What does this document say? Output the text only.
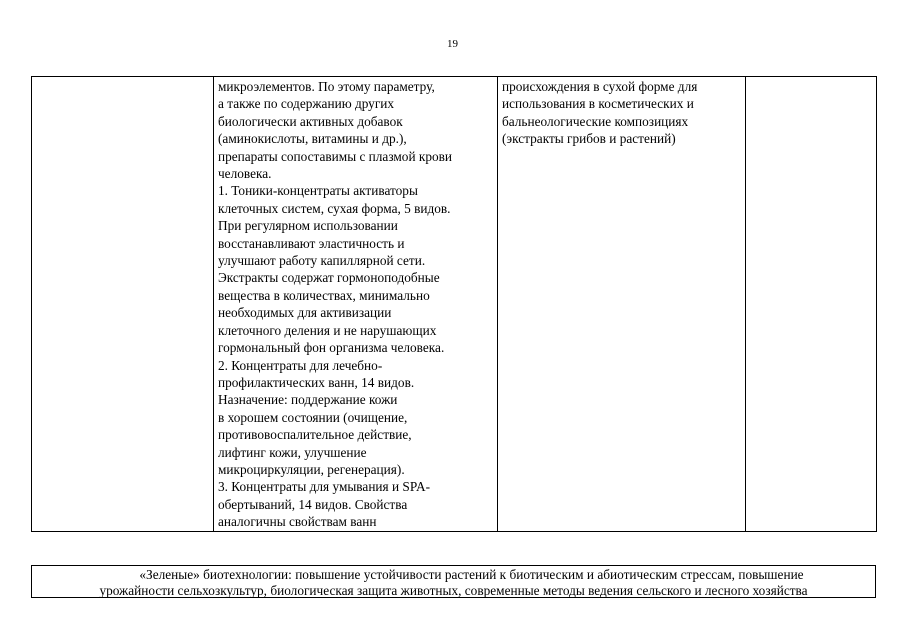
19

микроэлементов. По этому параметру,
а также по содержанию других
биологически активных добавок
(аминокислоты, витамины и др.),
препараты сопоставимы с плазмой крови
человека.
1. Тоники-концентраты активаторы
клеточных систем, сухая форма, 5 видов.
При регулярном использовании
восстанавливают эластичность и
улучшают работу капиллярной сети.
Экстракты содержат гормоноподобные
вещества в количествах, минимально
необходимых для активизации
клеточного деления и не нарушающих
гормональный фон организма человека.
2. Концентраты для лечебно-
профилактических ванн, 14 видов.
Назначение: поддержание кожи
в хорошем состоянии (очищение,
противовоспалительное действие,
лифтинг кожи, улучшение
микроциркуляции, регенерация).
3. Концентраты для умывания и SPA-
обертываний, 14 видов. Свойства
аналогичны свойствам ванн

происхождения в сухой форме для
использования в косметических и
бальнеологические композициях
(экстракты грибов и растений)

«Зеленые» биотехнологии: повышение устойчивости растений к биотическим и абиотическим стрессам, повышение
урожайности сельхозкультур, биологическая защита животных, современные методы ведения сельского и лесного хозяйства
